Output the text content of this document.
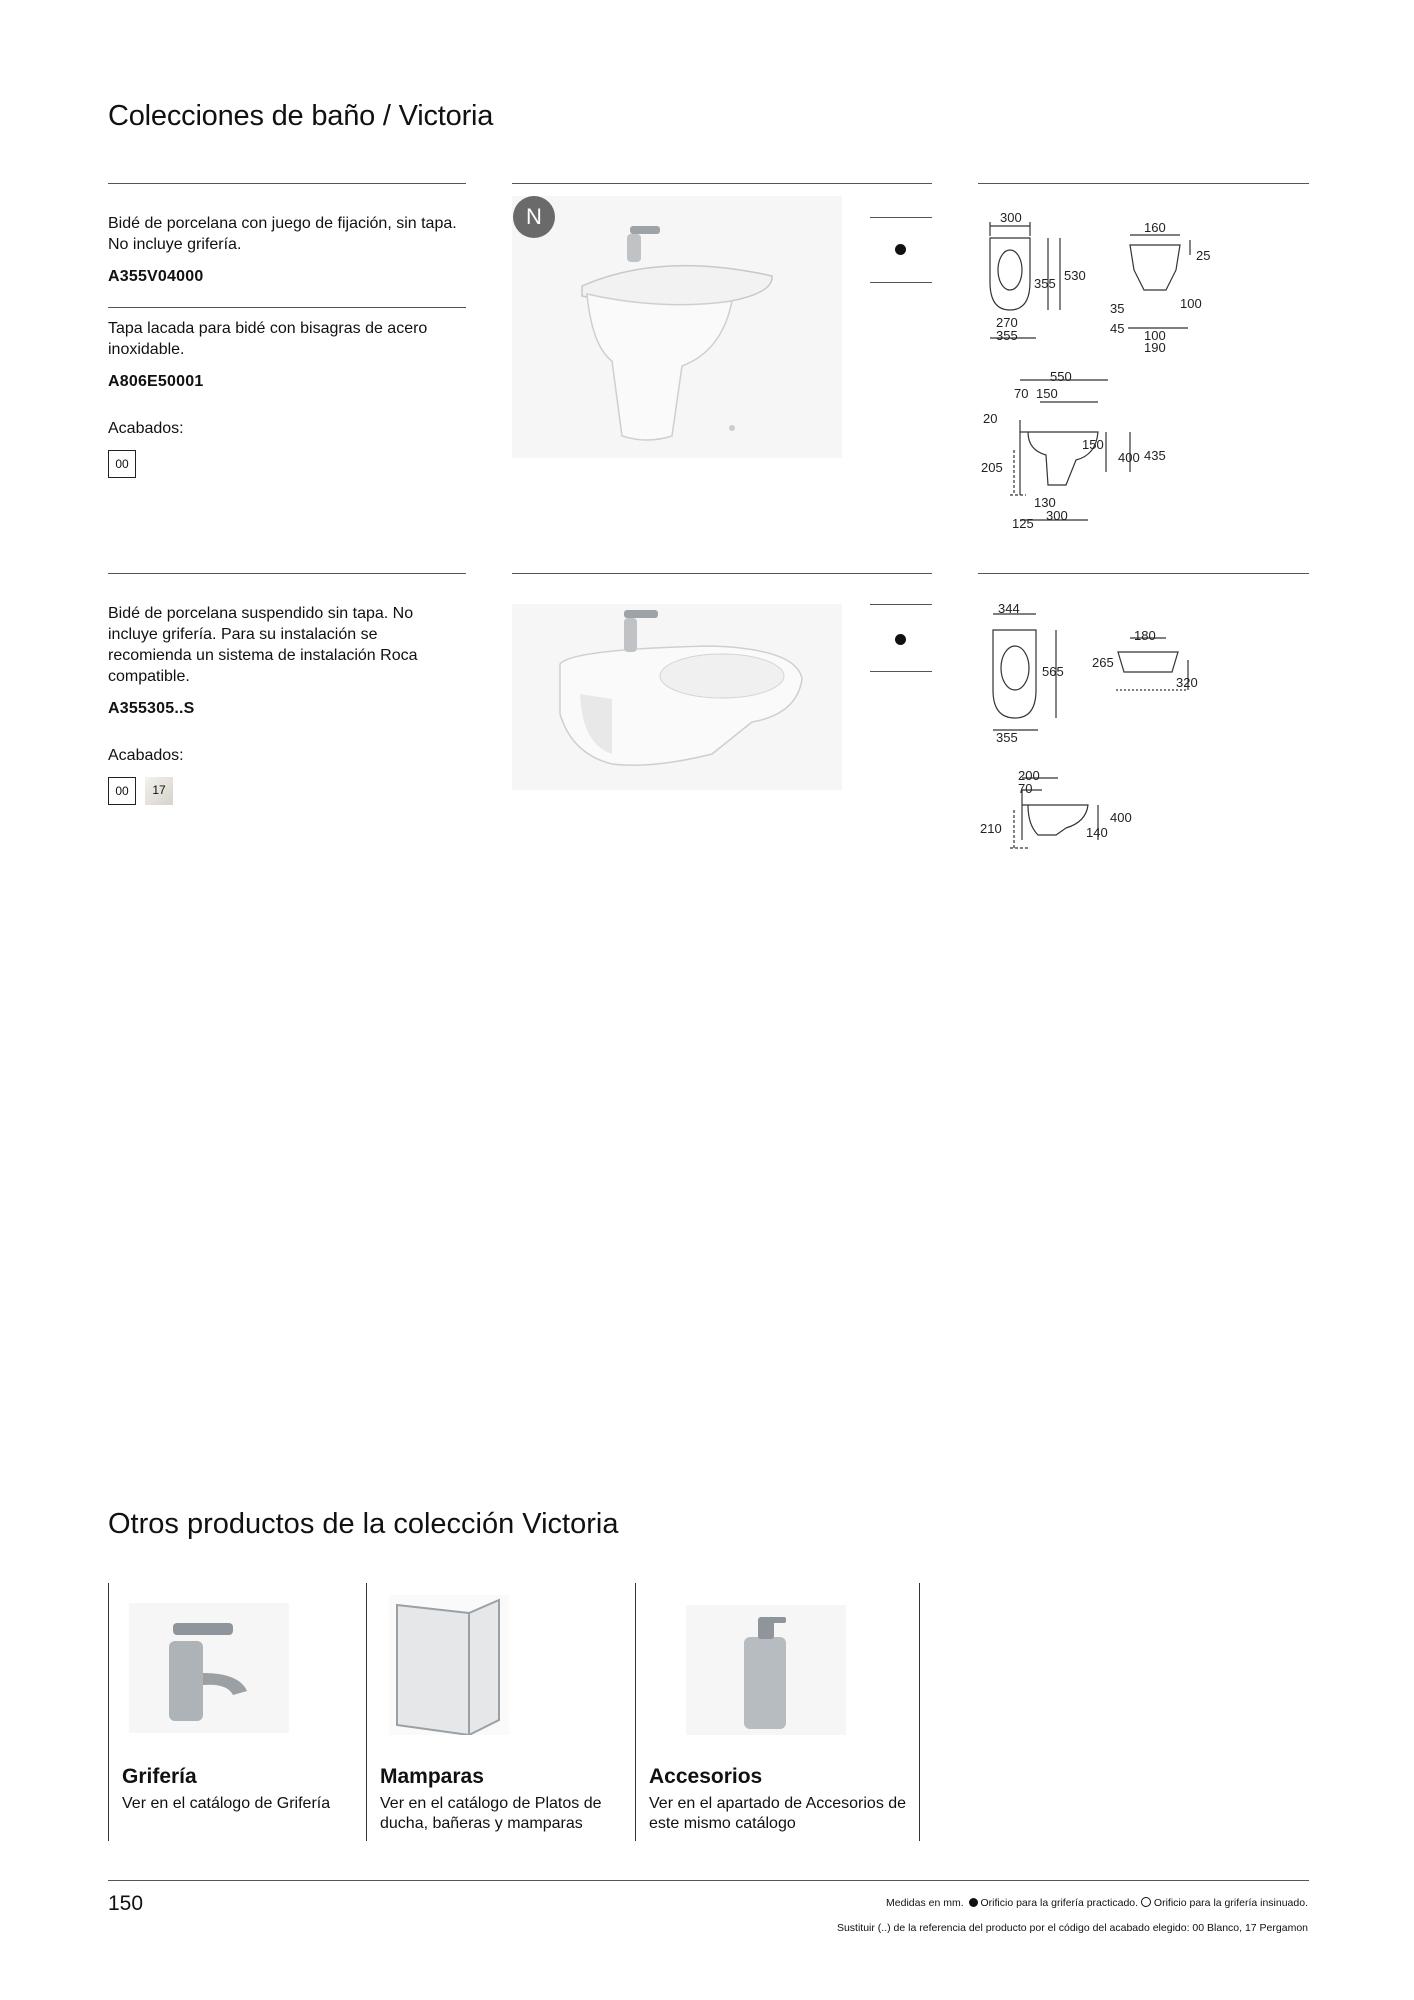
Colecciones de baño / Victoria
Bidé de porcelana con juego de fijación, sin tapa. No incluye grifería.
A355V04000
Tapa lacada para bidé con bisagras de acero inoxidable.
A806E50001
Acabados:
00
N	300
355
530
270
355
160
25
35	100
45 100
190
550
70 150
20
150
400 435
205
130
125
300
Bidé de porcelana suspendido sin tapa. No incluye grifería. Para su instalación se recomienda un sistema de instalación Roca compatible.
A355305..S
Acabados:
00	17
344
565
355
180
265
320
200
70
400
210	140
Otros productos de la colección Victoria
Grifería

Ver en el catálogo de Grifería

Mamparas

Ver en el catálogo de Platos de ducha, bañeras y mamparas

Accesorios

Ver en el apartado de Accesorios de este mismo catálogo

150	Medidas en mm. Orificio para la grifería practicado. Orificio para la grifería insinuado.
Sustituir (..) de la referencia del producto por el código del acabado elegido: 00 Blanco, 17 Pergamon
